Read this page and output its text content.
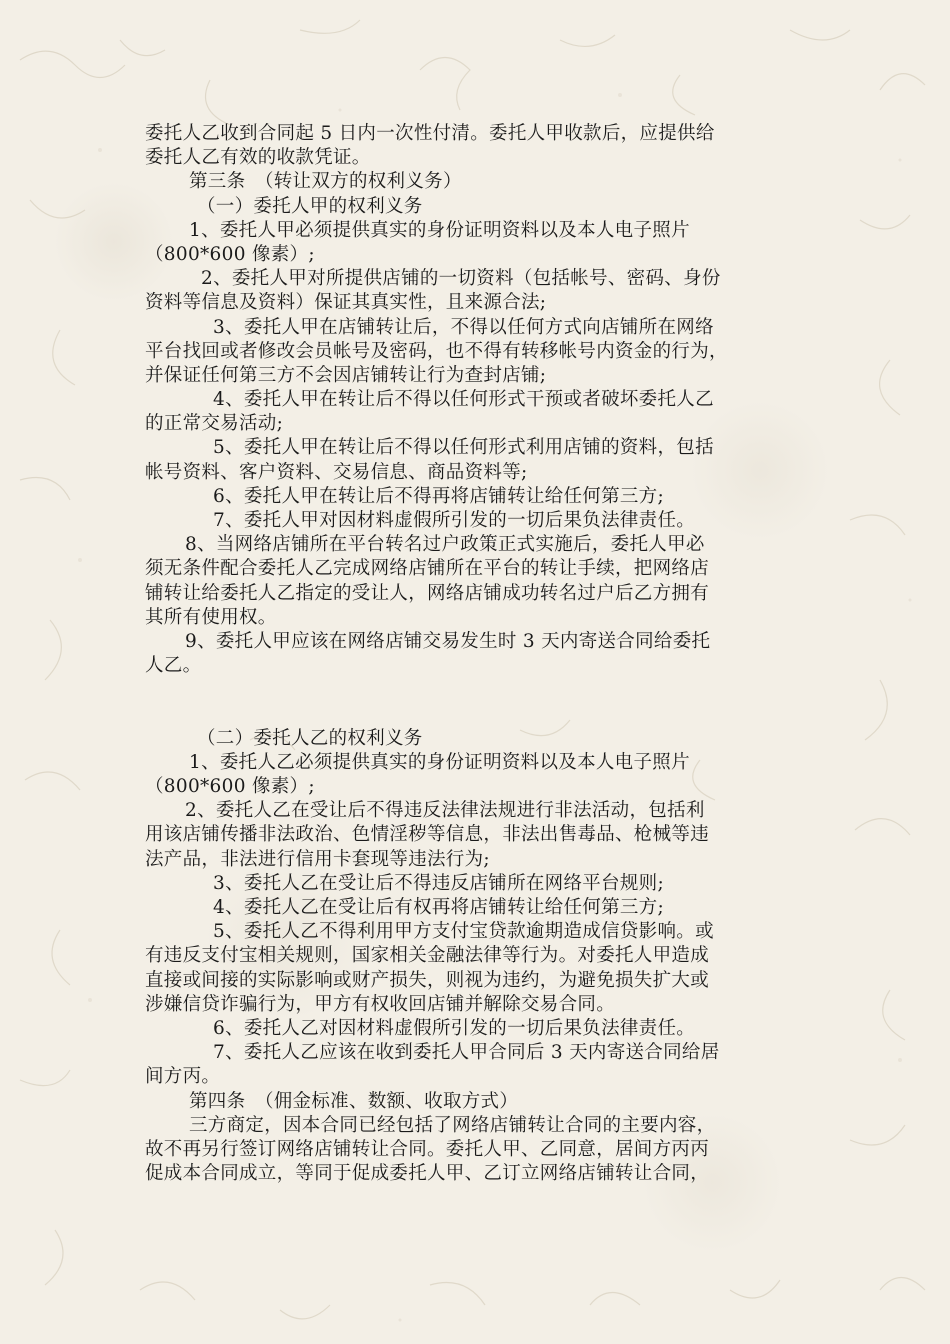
委托人乙收到合同起 5 日内一次性付清。委托人甲收款后，应提供给
委托人乙有效的收款凭证。
第三条　（转让双方的权利义务）
（一）委托人甲的权利义务
1、委托人甲必须提供真实的身份证明资料以及本人电子照片
（800*600 像素）;
2、委托人甲对所提供店铺的一切资料（包括帐号、密码、身份
资料等信息及资料）保证其真实性，且来源合法;
3、委托人甲在店铺转让后，不得以任何方式向店铺所在网络
平台找回或者修改会员帐号及密码，也不得有转移帐号内资金的行为，
并保证任何第三方不会因店铺转让行为查封店铺;
4、委托人甲在转让后不得以任何形式干预或者破坏委托人乙
的正常交易活动;
5、委托人甲在转让后不得以任何形式利用店铺的资料，包括
帐号资料、客户资料、交易信息、商品资料等;
6、委托人甲在转让后不得再将店铺转让给任何第三方;
7、委托人甲对因材料虚假所引发的一切后果负法律责任。
8、当网络店铺所在平台转名过户政策正式实施后，委托人甲必
须无条件配合委托人乙完成网络店铺所在平台的转让手续，把网络店
铺转让给委托人乙指定的受让人，网络店铺成功转名过户后乙方拥有
其所有使用权。
9、委托人甲应该在网络店铺交易发生时 3 天内寄送合同给委托
人乙。
（二）委托人乙的权利义务
1、委托人乙必须提供真实的身份证明资料以及本人电子照片
（800*600 像素）;
2、委托人乙在受让后不得违反法律法规进行非法活动，包括利
用该店铺传播非法政治、色情淫秽等信息，非法出售毒品、枪械等违
法产品，非法进行信用卡套现等违法行为;
3、委托人乙在受让后不得违反店铺所在网络平台规则;
4、委托人乙在受让后有权再将店铺转让给任何第三方;
5、委托人乙不得利用甲方支付宝贷款逾期造成信贷影响。或
有违反支付宝相关规则，国家相关金融法律等行为。对委托人甲造成
直接或间接的实际影响或财产损失，则视为违约，为避免损失扩大或
涉嫌信贷诈骗行为，甲方有权收回店铺并解除交易合同。
6、委托人乙对因材料虚假所引发的一切后果负法律责任。
7、委托人乙应该在收到委托人甲合同后 3 天内寄送合同给居
间方丙。
第四条　（佣金标准、数额、收取方式）
三方商定，因本合同已经包括了网络店铺转让合同的主要内容，
故不再另行签订网络店铺转让合同。委托人甲、乙同意，居间方丙丙
促成本合同成立，等同于促成委托人甲、乙订立网络店铺转让合同，
